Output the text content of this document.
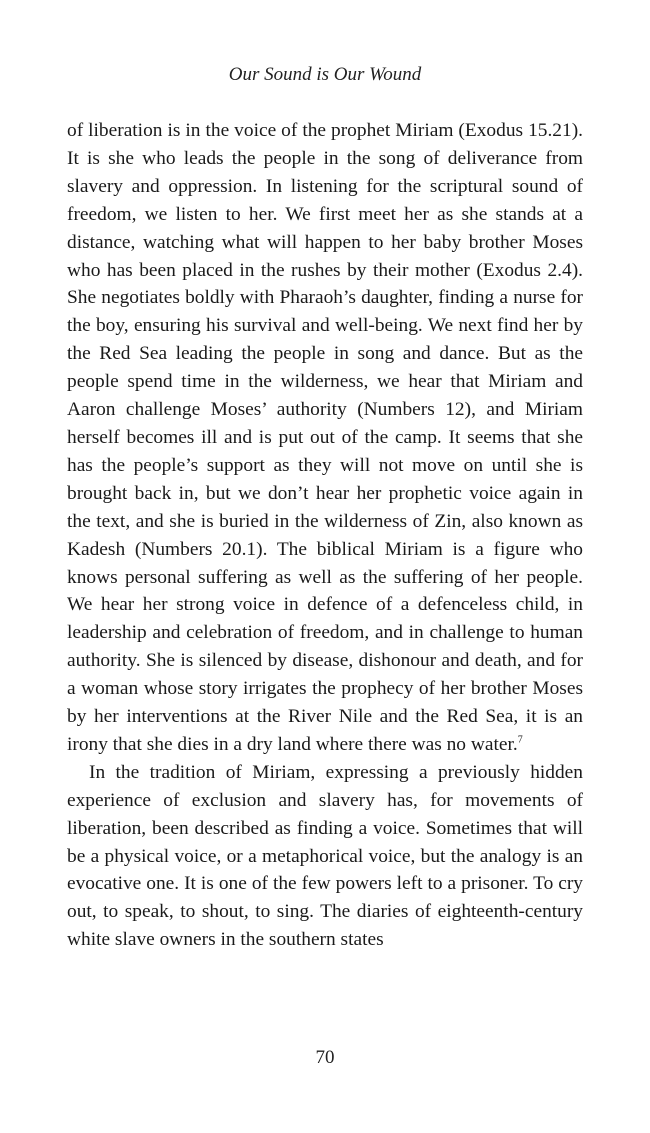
Our Sound is Our Wound

of liberation is in the voice of the prophet Miriam (Exodus 15.21). It is she who leads the people in the song of deliverance from slavery and oppression. In listening for the scriptural sound of freedom, we listen to her. We first meet her as she stands at a distance, watching what will happen to her baby brother Moses who has been placed in the rushes by their mother (Exodus 2.4). She negotiates boldly with Pharaoh’s daughter, finding a nurse for the boy, ensuring his survival and well-being. We next find her by the Red Sea leading the people in song and dance. But as the people spend time in the wilderness, we hear that Miriam and Aaron challenge Moses’ authority (Numbers 12), and Miriam herself becomes ill and is put out of the camp. It seems that she has the people’s support as they will not move on until she is brought back in, but we don’t hear her prophetic voice again in the text, and she is buried in the wilderness of Zin, also known as Kadesh (Numbers 20.1). The biblical Miriam is a figure who knows personal suffering as well as the suffering of her people. We hear her strong voice in defence of a defenceless child, in leadership and celebration of freedom, and in challenge to human authority. She is silenced by disease, dishonour and death, and for a woman whose story irrigates the prophecy of her brother Moses by her interventions at the River Nile and the Red Sea, it is an irony that she dies in a dry land where there was no water.$^7$

In the tradition of Miriam, expressing a previously hidden experience of exclusion and slavery has, for movements of liberation, been described as finding a voice. Sometimes that will be a physical voice, or a metaphorical voice, but the analogy is an evocative one. It is one of the few powers left to a prisoner. To cry out, to speak, to shout, to sing. The diaries of eighteenth-century white slave owners in the southern states

70
